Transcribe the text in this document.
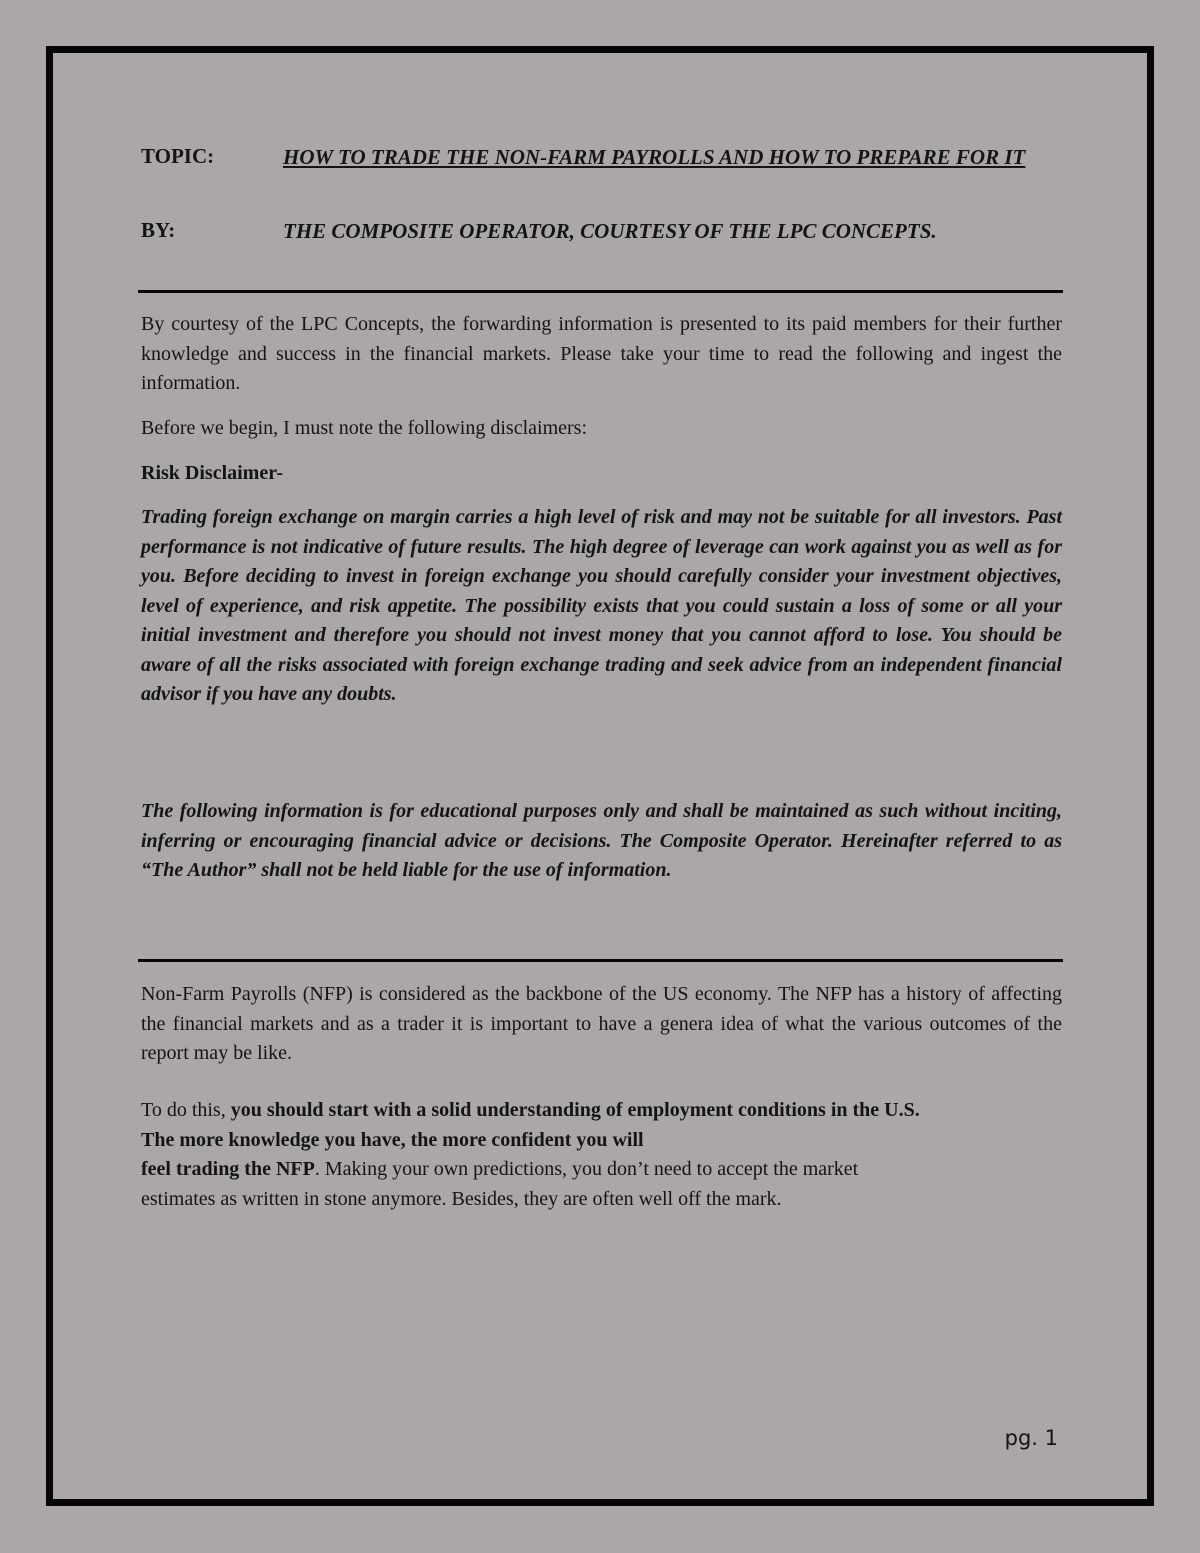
TOPIC:	HOW TO TRADE THE NON-FARM PAYROLLS AND HOW TO PREPARE FOR IT
BY:	THE COMPOSITE OPERATOR, COURTESY OF THE LPC CONCEPTS.

By courtesy of the LPC Concepts, the forwarding information is presented to its paid members for their further knowledge and success in the financial markets. Please take your time to read the following and ingest the information.

Before we begin, I must note the following disclaimers:

Risk Disclaimer-

Trading foreign exchange on margin carries a high level of risk and may not be suitable for all investors. Past performance is not indicative of future results. The high degree of leverage can work against you as well as for you. Before deciding to invest in foreign exchange you should carefully consider your investment objectives, level of experience, and risk appetite. The possibility exists that you could sustain a loss of some or all your initial investment and therefore you should not invest money that you cannot afford to lose. You should be aware of all the risks associated with foreign exchange trading and seek advice from an independent financial advisor if you have any doubts.

The following information is for educational purposes only and shall be maintained as such without inciting, inferring or encouraging financial advice or decisions. The Composite Operator. Hereinafter referred to as “The Author” shall not be held liable for the use of information.

Non-Farm Payrolls (NFP) is considered as the backbone of the US economy. The NFP has a history of affecting the financial markets and as a trader it is important to have a genera idea of what the various outcomes of the report may be like.

To do this, you should start with a solid understanding of employment conditions in the U.S.

The more knowledge you have, the more confident you will

feel trading the NFP. Making your own predictions, you don’t need to accept the market

estimates as written in stone anymore. Besides, they are often well off the mark.

pg. 1
